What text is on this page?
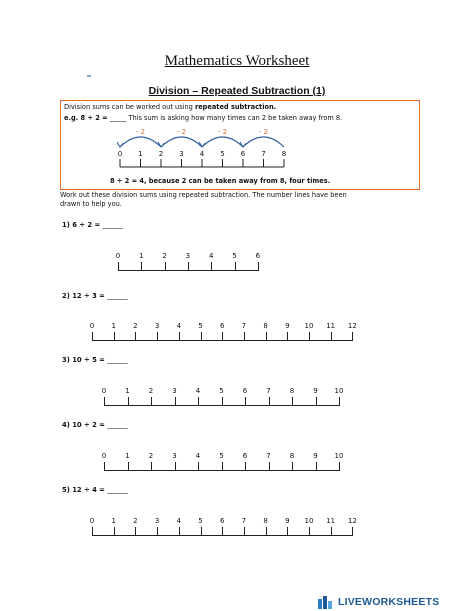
Mathematics Worksheet
Division – Repeated Subtraction (1)
Division sums can be worked out using repeated subtraction.
e.g. 8 ÷ 2 = _____ This sum is asking how many times can 2 be taken away from 8.
0 1 2 3 4 5 6 7 8
- 2
- 2
- 2
- 2
8 ÷ 2 = 4, because 2 can be taken away from 8, four times.
Work out these division sums using repeated subtraction. The number lines have been
drawn to help you.
1) 6 ÷ 2 = ______
0	1	2	3	4	5	6
2) 12 ÷ 3 = ______
0	1	2	3	4	5	6	7	8	9	10	11	12
3) 10 ÷ 5 = ______
0	1	2	3	4	5	6	7	8	9	10
4) 10 ÷ 2 = ______
0	1	2	3	4	5	6	7	8	9	10
5) 12 ÷ 4 = ______
0	1	2	3	4	5	6	7	8	9	10	11	12
LIVEWORKSHEETS
